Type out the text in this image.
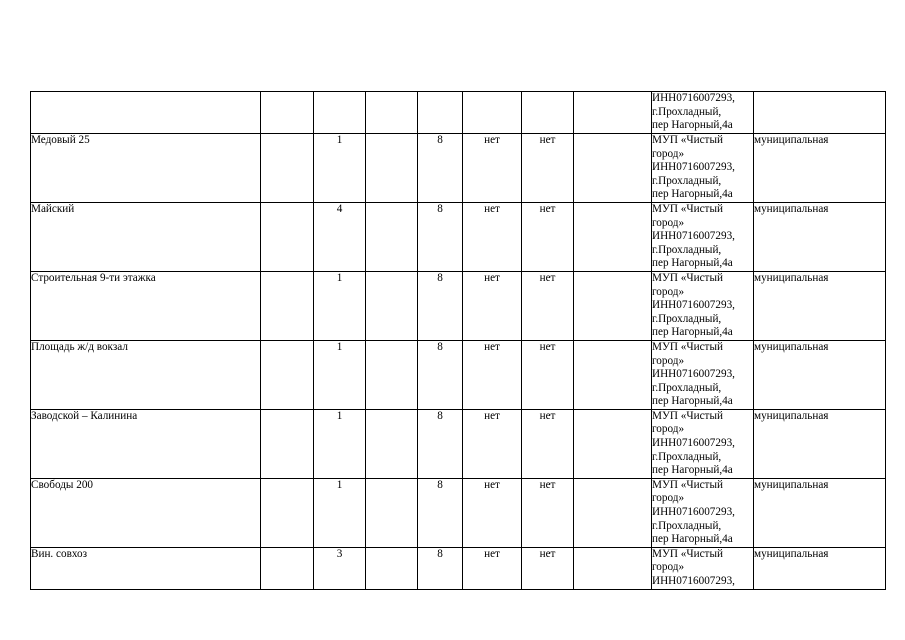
								ИНН0716007293,
г.Прохладный,
пер Нагорный,4а	

Медовый 25		1		8	нет	нет		МУП «Чистый
город»
ИНН0716007293,
г.Прохладный,
пер Нагорный,4а	муниципальная
Майский		4		8	нет	нет		МУП «Чистый
город»
ИНН0716007293,
г.Прохладный,
пер Нагорный,4а	муниципальная
Строительная 9-ти этажка		1		8	нет	нет		МУП «Чистый
город»
ИНН0716007293,
г.Прохладный,
пер Нагорный,4а	муниципальная
Площадь ж/д вокзал		1		8	нет	нет		МУП «Чистый
город»
ИНН0716007293,
г.Прохладный,
пер Нагорный,4а	муниципальная
Заводской – Калинина		1		8	нет	нет		МУП «Чистый
город»
ИНН0716007293,
г.Прохладный,
пер Нагорный,4а	муниципальная
Свободы 200		1		8	нет	нет		МУП «Чистый
город»
ИНН0716007293,
г.Прохладный,
пер Нагорный,4а	муниципальная
Вин. совхоз		3		8	нет	нет		МУП «Чистый
город»
ИНН0716007293,	муниципальная
